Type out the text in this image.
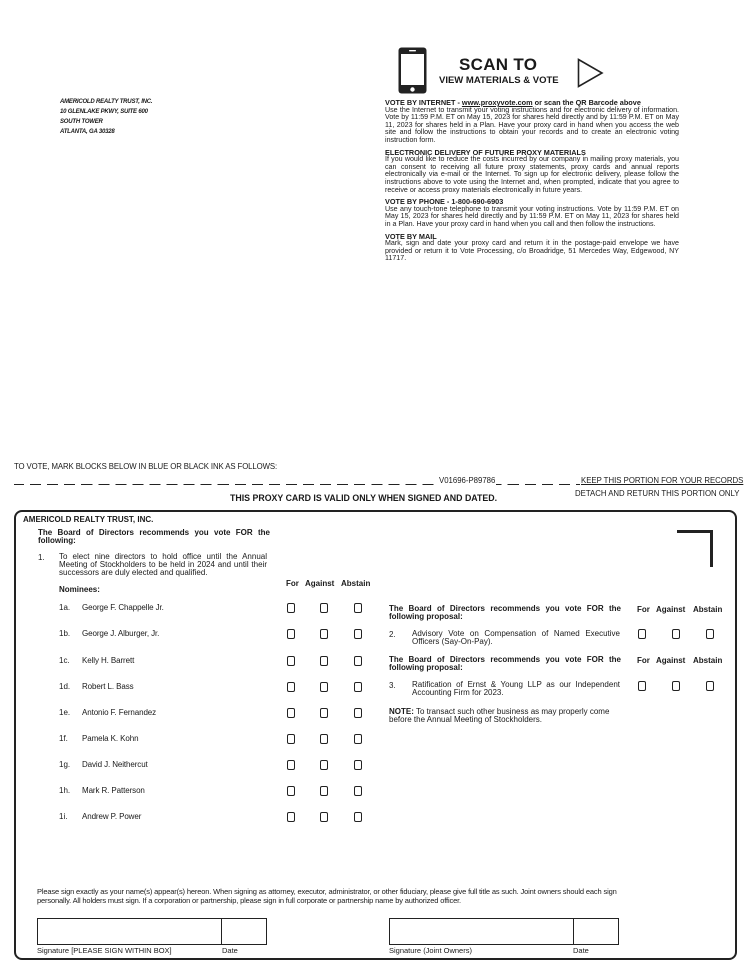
AMERICOLD REALTY TRUST, INC.
10 GLENLAKE PKWY, SUITE 600
SOUTH TOWER
ATLANTA, GA 30328
SCAN TO
VIEW MATERIALS & VOTE
VOTE BY INTERNET - www.proxyvote.com or scan the QR Barcode above
Use the Internet to transmit your voting instructions and for electronic delivery of information. Vote by 11:59 P.M. ET on May 15, 2023 for shares held directly and by 11:59 P.M. ET on May 11, 2023 for shares held in a Plan. Have your proxy card in hand when you access the web site and follow the instructions to obtain your records and to create an electronic voting instruction form.
ELECTRONIC DELIVERY OF FUTURE PROXY MATERIALS
If you would like to reduce the costs incurred by our company in mailing proxy materials, you can consent to receiving all future proxy statements, proxy cards and annual reports electronically via e-mail or the Internet. To sign up for electronic delivery, please follow the instructions above to vote using the Internet and, when prompted, indicate that you agree to receive or access proxy materials electronically in future years.
VOTE BY PHONE - 1-800-690-6903
Use any touch-tone telephone to transmit your voting instructions. Vote by 11:59 P.M. ET on May 15, 2023 for shares held directly and by 11:59 P.M. ET on May 11, 2023 for shares held in a Plan. Have your proxy card in hand when you call and then follow the instructions.
VOTE BY MAIL
Mark, sign and date your proxy card and return it in the postage-paid envelope we have provided or return it to Vote Processing, c/o Broadridge, 51 Mercedes Way, Edgewood, NY 11717.
TO VOTE, MARK BLOCKS BELOW IN BLUE OR BLACK INK AS FOLLOWS:
V01696-P89786	KEEP THIS PORTION FOR YOUR RECORDS
DETACH AND RETURN THIS PORTION ONLY
THIS PROXY CARD IS VALID ONLY WHEN SIGNED AND DATED.
AMERICOLD REALTY TRUST, INC.
The Board of Directors recommends you vote FOR the following:
1. To elect nine directors to hold office until the Annual Meeting of Stockholders to be held in 2024 and until their successors are duly elected and qualified.
Nominees:
For Against Abstain
1a. George F. Chappelle Jr.
1b. George J. Alburger, Jr.
1c. Kelly H. Barrett
1d. Robert L. Bass
1e. Antonio F. Fernandez
1f. Pamela K. Kohn
1g. David J. Neithercut
1h. Mark R. Patterson
1i. Andrew P. Power
The Board of Directors recommends you vote FOR the following proposal:
For Against Abstain
2. Advisory Vote on Compensation of Named Executive Officers (Say-On-Pay).
The Board of Directors recommends you vote FOR the following proposal:
For Against Abstain
3. Ratification of Ernst & Young LLP as our Independent Accounting Firm for 2023.
NOTE: To transact such other business as may properly come before the Annual Meeting of Stockholders.
Please sign exactly as your name(s) appear(s) hereon. When signing as attorney, executor, administrator, or other fiduciary, please give full title as such. Joint owners should each sign personally. All holders must sign. If a corporation or partnership, please sign in full corporate or partnership name by authorized officer.
Signature [PLEASE SIGN WITHIN BOX]	Date	Signature (Joint Owners)	Date
